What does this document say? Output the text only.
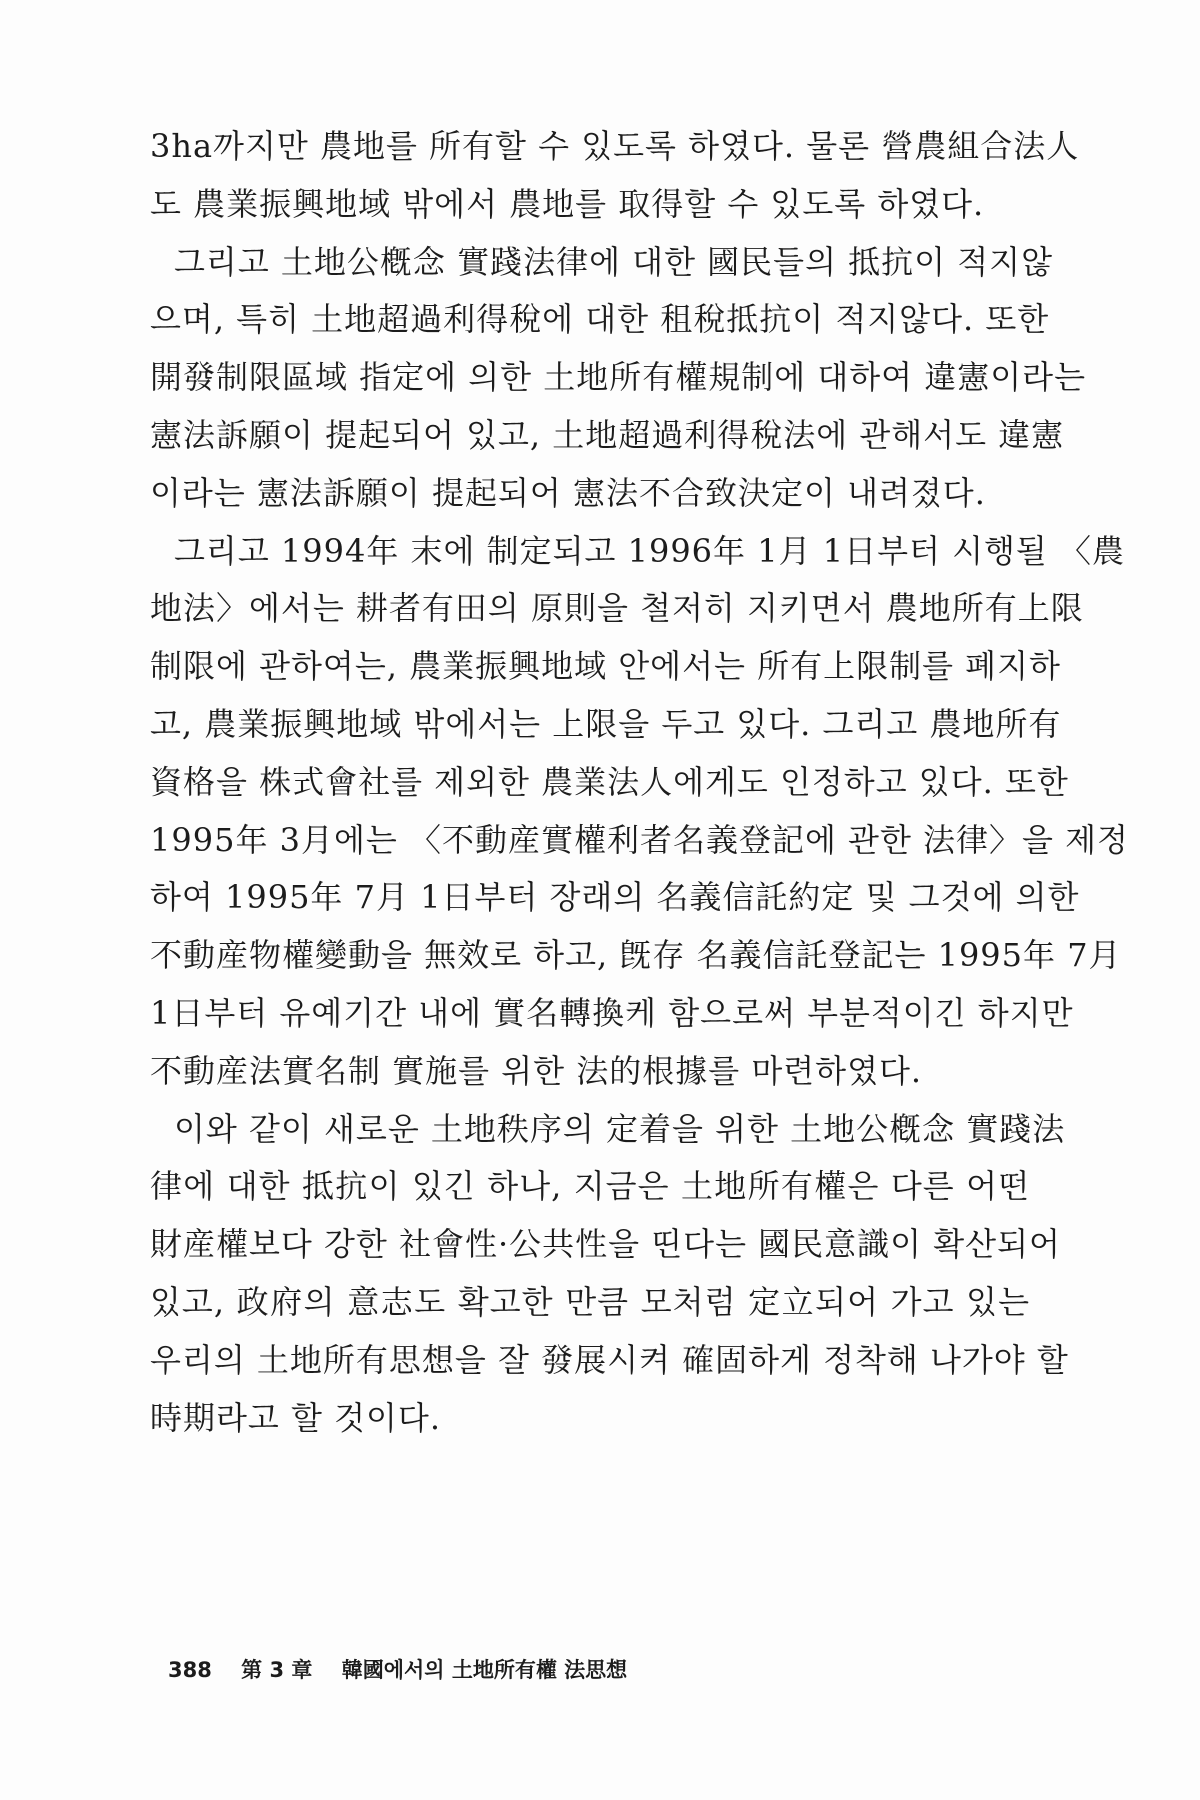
3ha까지만 農地를 所有할 수 있도록 하였다. 물론 營農組合法人
도 農業振興地域 밖에서 農地를 取得할 수 있도록 하였다.
그리고 土地公槪念 實踐法律에 대한 國民들의 抵抗이 적지않
으며, 특히 土地超過利得稅에 대한 租稅抵抗이 적지않다. 또한
開發制限區域 指定에 의한 土地所有權規制에 대하여 違憲이라는
憲法訴願이 提起되어 있고, 土地超過利得稅法에 관해서도 違憲
이라는 憲法訴願이 提起되어 憲法不合致決定이 내려졌다.
그리고 1994年 末에 制定되고 1996年 1月 1日부터 시행될 〈農
地法〉에서는 耕者有田의 原則을 철저히 지키면서 農地所有上限
制限에 관하여는, 農業振興地域 안에서는 所有上限制를 폐지하
고, 農業振興地域 밖에서는 上限을 두고 있다. 그리고 農地所有
資格을 株式會社를 제외한 農業法人에게도 인정하고 있다. 또한
1995年 3月에는 〈不動産實權利者名義登記에 관한 法律〉을 제정
하여 1995年 7月 1日부터 장래의 名義信託約定 및 그것에 의한
不動産物權變動을 無效로 하고, 旣存 名義信託登記는 1995年 7月
1日부터 유예기간 내에 實名轉換케 함으로써 부분적이긴 하지만
不動産法實名制 實施를 위한 法的根據를 마련하였다.
이와 같이 새로운 土地秩序의 定着을 위한 土地公槪念 實踐法
律에 대한 抵抗이 있긴 하나, 지금은 土地所有權은 다른 어떤
財産權보다 강한 社會性·公共性을 띤다는 國民意識이 확산되어
있고, 政府의 意志도 확고한 만큼 모처럼 定立되어 가고 있는
우리의 土地所有思想을 잘 發展시켜 確固하게 정착해 나가야 할
時期라고 할 것이다.
388 第 3 章 韓國에서의 土地所有權 法思想
